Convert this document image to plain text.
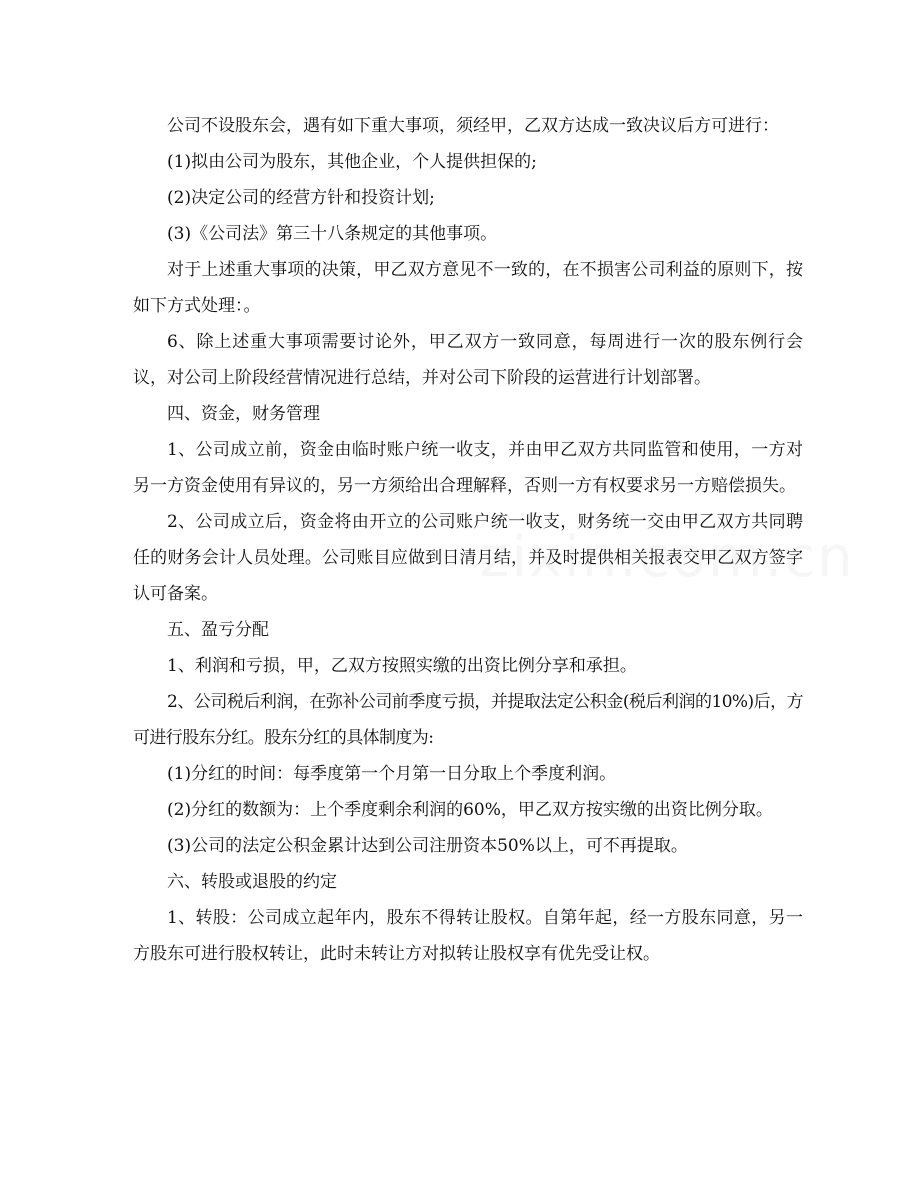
公司不设股东会，遇有如下重大事项，须经甲，乙双方达成一致决议后方可进行：

(1)拟由公司为股东，其他企业，个人提供担保的;

(2)决定公司的经营方针和投资计划;

(3)《公司法》第三十八条规定的其他事项。

对于上述重大事项的决策，甲乙双方意见不一致的，在不损害公司利益的原则下，按如下方式处理：。

6、除上述重大事项需要讨论外，甲乙双方一致同意，每周进行一次的股东例行会议，对公司上阶段经营情况进行总结，并对公司下阶段的运营进行计划部署。

四、资金，财务管理

1、公司成立前，资金由临时账户统一收支，并由甲乙双方共同监管和使用，一方对另一方资金使用有异议的，另一方须给出合理解释，否则一方有权要求另一方赔偿损失。

2、公司成立后，资金将由开立的公司账户统一收支，财务统一交由甲乙双方共同聘任的财务会计人员处理。公司账目应做到日清月结，并及时提供相关报表交甲乙双方签字认可备案。

五、盈亏分配

1、利润和亏损，甲，乙双方按照实缴的出资比例分享和承担。

2、公司税后利润，在弥补公司前季度亏损，并提取法定公积金(税后利润的10%)后，方可进行股东分红。股东分红的具体制度为:

(1)分红的时间：每季度第一个月第一日分取上个季度利润。

(2)分红的数额为：上个季度剩余利润的60%，甲乙双方按实缴的出资比例分取。

(3)公司的法定公积金累计达到公司注册资本50%以上，可不再提取。

六、转股或退股的约定

1、转股：公司成立起年内，股东不得转让股权。自第年起，经一方股东同意，另一方股东可进行股权转让，此时未转让方对拟转让股权享有优先受让权。
